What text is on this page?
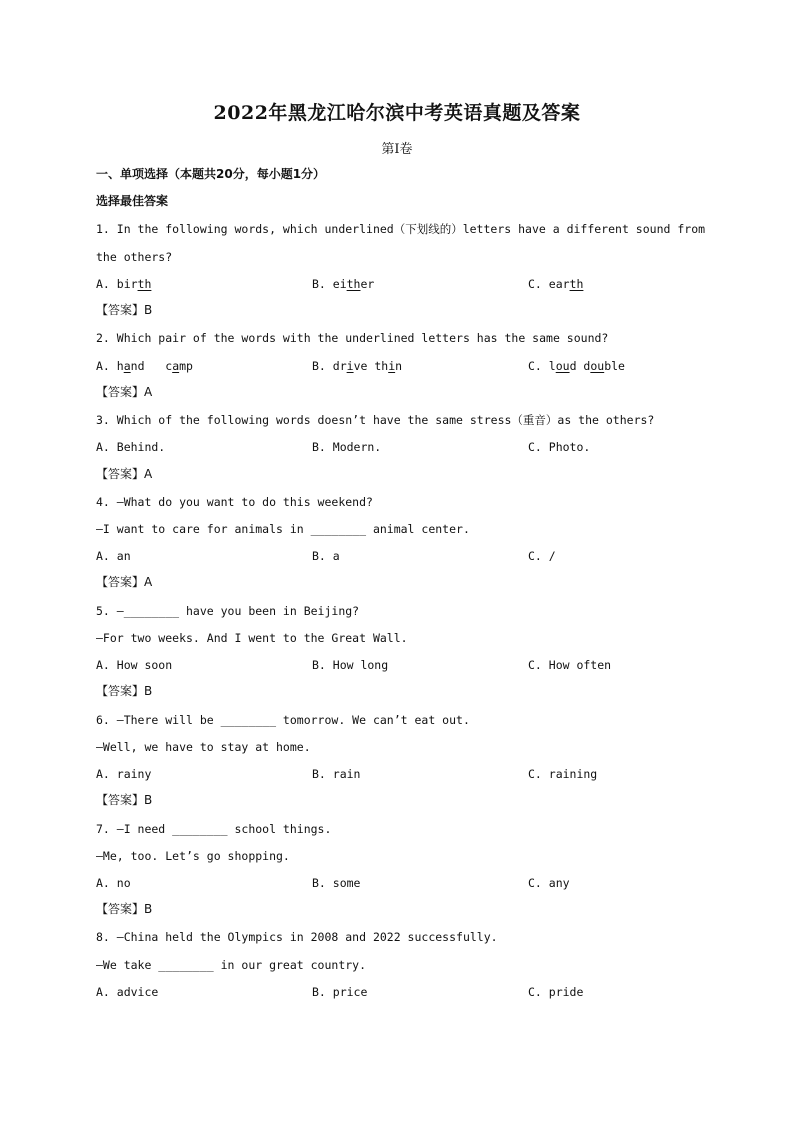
2022年黑龙江哈尔滨中考英语真题及答案
第Ⅰ卷
一、单项选择（本题共20分，每小题1分）
选择最佳答案
1. In the following words, which underlined（下划线的）letters have a different sound from
the others?
A. birth	B. either	C. earth
【答案】B
2. Which pair of the words with the underlined letters has the same sound?
A. hand   camp	B. drive thin	C. loud double
【答案】A
3. Which of the following words doesn’t have the same stress（重音）as the others?
A. Behind.	B. Modern.	C. Photo.
【答案】A
4. —What do you want to do this weekend?
—I want to care for animals in ________ animal center.
A. an	B. a	C. /
【答案】A
5. —________ have you been in Beijing?
—For two weeks. And I went to the Great Wall.
A. How soon	B. How long	C. How often
【答案】B
6. —There will be ________ tomorrow. We can’t eat out.
—Well, we have to stay at home.
A. rainy	B. rain	C. raining
【答案】B
7. —I need ________ school things.
—Me, too. Let’s go shopping.
A. no	B. some	C. any
【答案】B
8. —China held the Olympics in 2008 and 2022 successfully.
—We take ________ in our great country.
A. advice	B. price	C. pride
